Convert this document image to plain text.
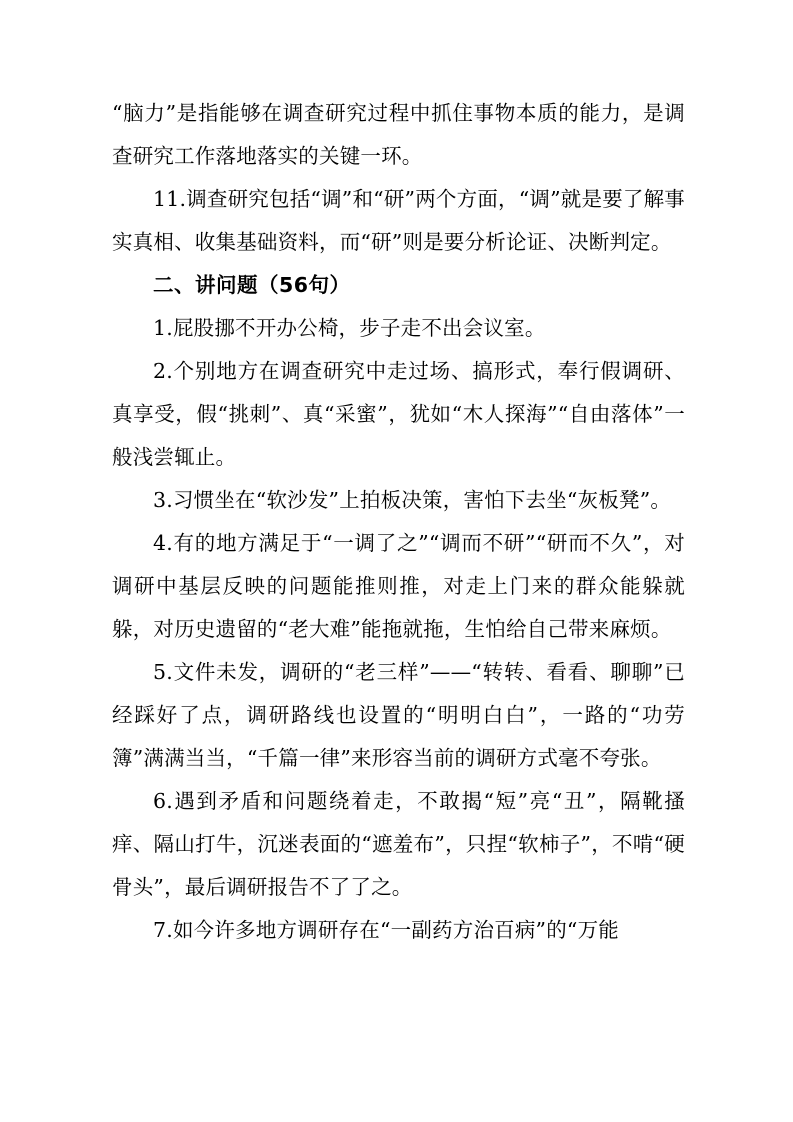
“脑力”是指能够在调查研究过程中抓住事物本质的能力，是调查研究工作落地落实的关键一环。

11.调查研究包括“调”和“研”两个方面，“调”就是要了解事实真相、收集基础资料，而“研”则是要分析论证、决断判定。

二、讲问题（56句）

1.屁股挪不开办公椅，步子走不出会议室。

2.个别地方在调查研究中走过场、搞形式，奉行假调研、真享受，假“挑刺”、真“采蜜”，犹如“木人探海”“自由落体”一般浅尝辄止。

3.习惯坐在“软沙发”上拍板决策，害怕下去坐“灰板凳”。

4.有的地方满足于“一调了之”“调而不研”“研而不久”，对调研中基层反映的问题能推则推，对走上门来的群众能躲就躲，对历史遗留的“老大难”能拖就拖，生怕给自己带来麻烦。

5.文件未发，调研的“老三样”——“转转、看看、聊聊”已经踩好了点，调研路线也设置的“明明白白”，一路的“功劳簿”满满当当，“千篇一律”来形容当前的调研方式毫不夸张。

6.遇到矛盾和问题绕着走，不敢揭“短”亮“丑”，隔靴搔痒、隔山打牛，沉迷表面的“遮羞布”，只捏“软柿子”，不啃“硬骨头”，最后调研报告不了了之。

7.如今许多地方调研存在“一副药方治百病”的“万能
